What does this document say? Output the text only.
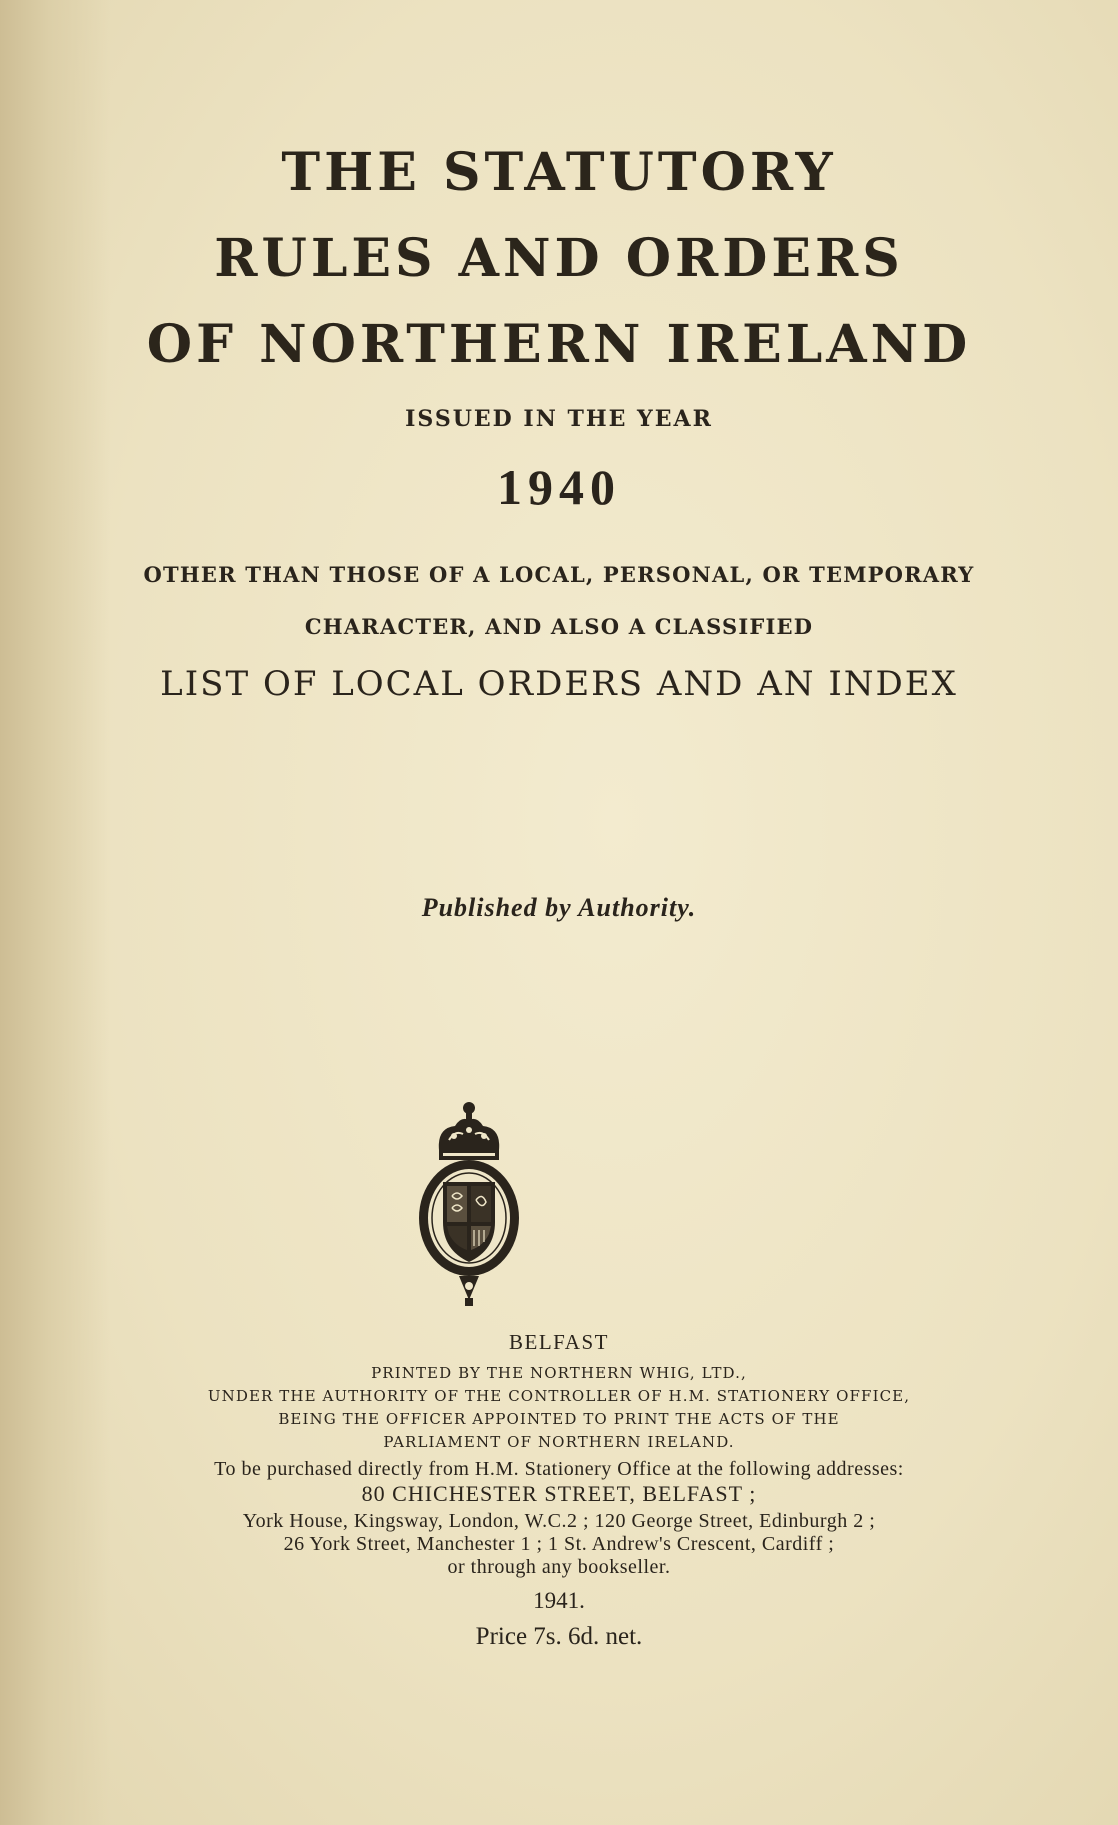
THE STATUTORY
RULES AND ORDERS
OF NORTHERN IRELAND
ISSUED IN THE YEAR
1940
OTHER THAN THOSE OF A LOCAL, PERSONAL, OR TEMPORARY
CHARACTER, AND ALSO A CLASSIFIED
LIST OF LOCAL ORDERS AND AN INDEX
Published by Authority.
BELFAST
PRINTED BY THE NORTHERN WHIG, LTD.,
UNDER THE AUTHORITY OF THE CONTROLLER OF H.M. STATIONERY OFFICE,
BEING THE OFFICER APPOINTED TO PRINT THE ACTS OF THE
PARLIAMENT OF NORTHERN IRELAND.
To be purchased directly from H.M. Stationery Office at the following addresses:
80 CHICHESTER STREET, BELFAST ;
York House, Kingsway, London, W.C.2 ; 120 George Street, Edinburgh 2 ;
26 York Street, Manchester 1 ; 1 St. Andrew's Crescent, Cardiff ;
or through any bookseller.
1941.
Price 7s. 6d. net.
